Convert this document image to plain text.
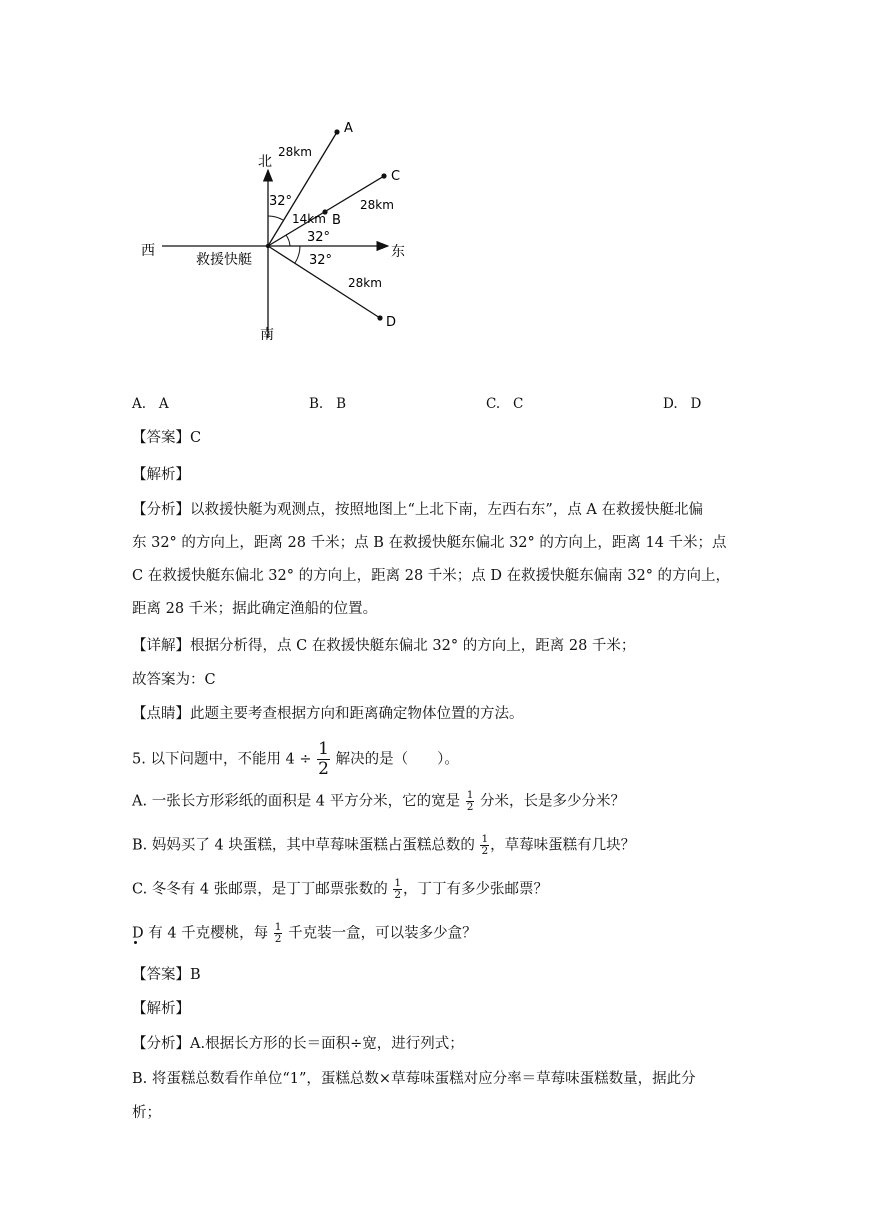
北
南
西	东
救援快艇
A
B
C
D
28km
14km
28km
28km
32°
32°
32°
A. A	B. B	C. C	D. D
【答案】C
【解析】
【分析】以救援快艇为观测点，按照地图上“上北下南，左西右东”，点 A 在救援快艇北偏
东 32° 的方向上，距离 28 千米；点 B 在救援快艇东偏北 32° 的方向上，距离 14 千米；点
C 在救援快艇东偏北 32° 的方向上，距离 28 千米；点 D 在救援快艇东偏南 32° 的方向上，
距离 28 千米；据此确定渔船的位置。
【详解】根据分析得，点 C 在救援快艇东偏北 32° 的方向上，距离 28 千米；
故答案为：C
【点睛】此题主要考查根据方向和距离确定物体位置的方法。
5. 以下问题中，不能用 $4 \div \frac{1}{2}$ 解决的是（　　）。
A. 一张长方形彩纸的面积是 4 平方分米，它的宽是 $\frac{1}{2}$ 分米，长是多少分米？
B. 妈妈买了 4 块蛋糕，其中草莓味蛋糕占蛋糕总数的 $\frac{1}{2}$ ，草莓味蛋糕有几块？
C. 冬冬有 4 张邮票，是丁丁邮票张数的 $\frac{1}{2}$ ，丁丁有多少张邮票？
D 有 4 千克樱桃，每 $\frac{1}{2}$ 千克装一盒，可以装多少盒？
【答案】B
【解析】
【分析】A.根据长方形的长＝面积÷宽，进行列式；
B. 将蛋糕总数看作单位“1”，蛋糕总数×草莓味蛋糕对应分率＝草莓味蛋糕数量，据此分
析；
